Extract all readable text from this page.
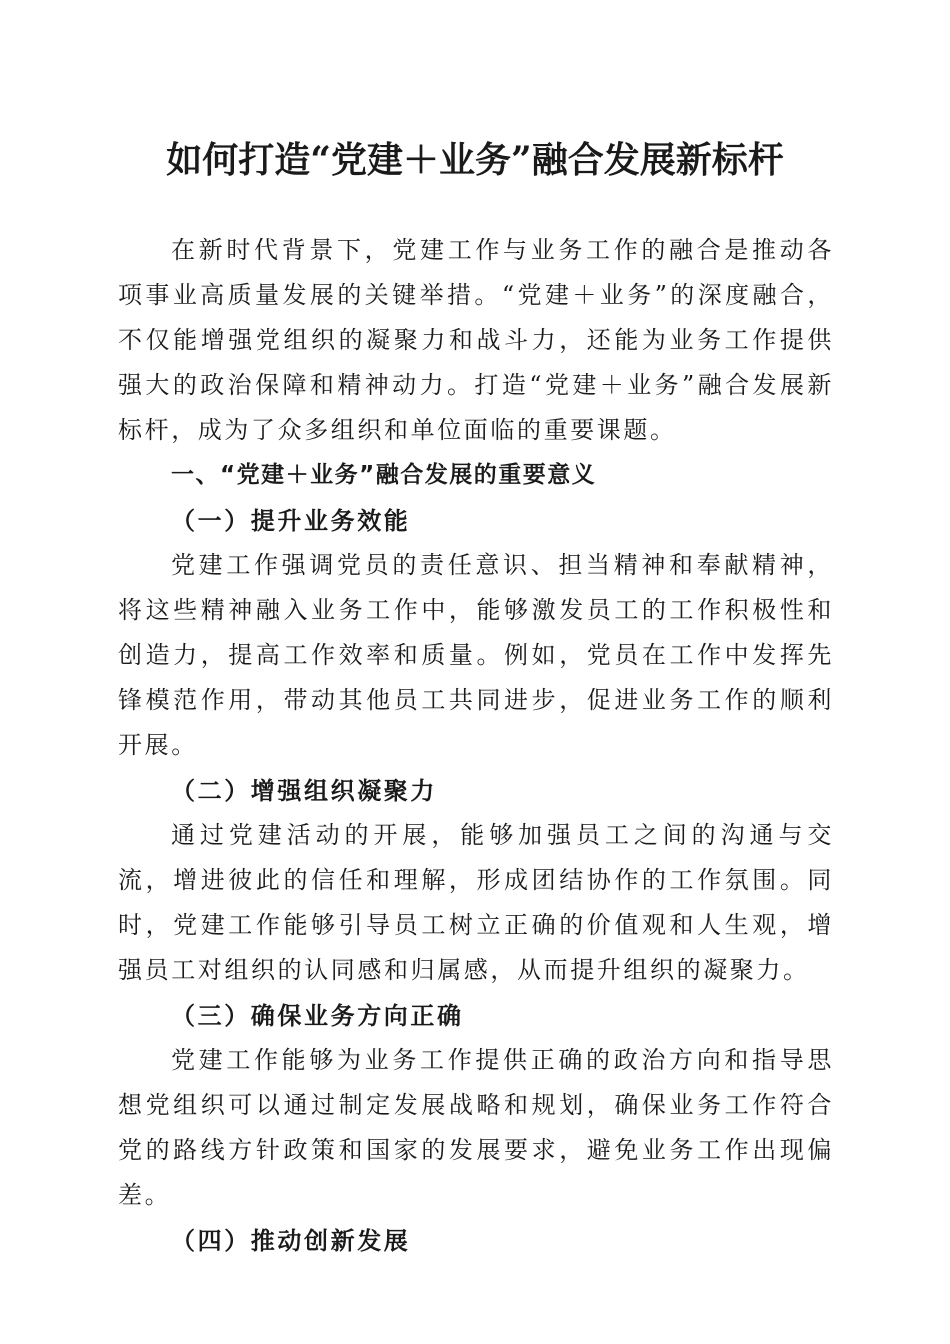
如何打造“党建＋业务”融合发展新标杆

在新时代背景下，党建工作与业务工作的融合是推动各项事业高质量发展的关键举措。“党建＋业务”的深度融合，不仅能增强党组织的凝聚力和战斗力，还能为业务工作提供强大的政治保障和精神动力。打造“党建＋业务”融合发展新标杆，成为了众多组织和单位面临的重要课题。

一、“党建＋业务”融合发展的重要意义

（一）提升业务效能

党建工作强调党员的责任意识、担当精神和奉献精神，将这些精神融入业务工作中，能够激发员工的工作积极性和创造力，提高工作效率和质量。例如，党员在工作中发挥先锋模范作用，带动其他员工共同进步，促进业务工作的顺利开展。

（二）增强组织凝聚力

通过党建活动的开展，能够加强员工之间的沟通与交流，增进彼此的信任和理解，形成团结协作的工作氛围。同时，党建工作能够引导员工树立正确的价值观和人生观，增强员工对组织的认同感和归属感，从而提升组织的凝聚力。

（三）确保业务方向正确

党建工作能够为业务工作提供正确的政治方向和指导思想党组织可以通过制定发展战略和规划，确保业务工作符合党的路线方针政策和国家的发展要求，避免业务工作出现偏差。

（四）推动创新发展
